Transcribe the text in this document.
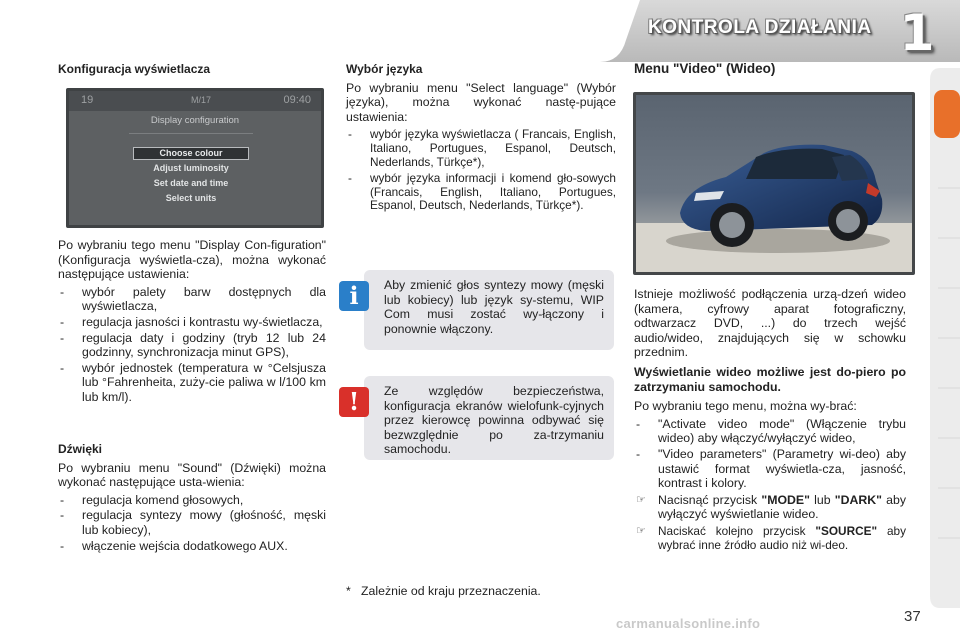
KONTROLA DZIAŁANIA 1

Konfiguracja wyświetlacza

19	M/17	09:40
Display configuration
Choose colour
Adjust luminosity
Set date and time
Select units

Po wybraniu tego menu "Display Con-figuration" (Konfiguracja wyświetla-cza), można wykonać następujące ustawienia:

- wybór palety barw dostępnych dla wyświetlacza,
- regulacja jasności i kontrastu wy-świetlacza,
- regulacja daty i godziny (tryb 12 lub 24 godzinny, synchronizacja minut GPS),
- wybór jednostek (temperatura w °Celsjusza lub °Fahrenheita, zuży-cie paliwa w l/100 km lub km/l).

Dźwięki

Po wybraniu menu "Sound" (Dźwięki) można wykonać następujące usta-wienia:

- regulacja komend głosowych,
- regulacja syntezy mowy (głośność, męski lub kobiecy),
- włączenie wejścia dodatkowego AUX.

Wybór języka

Po wybraniu menu "Select language" (Wybór języka), można wykonać nastę-pujące ustawienia:

- wybór języka wyświetlacza ( Francais, English, Italiano, Portugues, Espanol, Deutsch, Nederlands, Türkçe*),
- wybór języka informacji i komend gło-sowych (Francais, English, Italiano, Portugues, Espanol, Deutsch, Nederlands, Türkçe*).

Aby zmienić głos syntezy mowy (męski lub kobiecy) lub język sy-stemu, WIP Com musi zostać wy-łączony i ponownie włączony.

i

Ze względów bezpieczeństwa, konfiguracja ekranów wielofunk-cyjnych przez kierowcę powinna odbywać się bezwzględnie po za-trzymaniu samochodu.

!
*   Zależnie od kraju przeznaczenia.

Menu "Video" (Wideo)

Istnieje możliwość podłączenia urzą-dzeń wideo (kamera, cyfrowy aparat fotograficzny, odtwarzacz DVD, ...) do trzech wejść audio/wideo, znajdujących się w schowku przednim.

Wyświetlanie wideo możliwe jest do-piero po zatrzymaniu samochodu.

Po wybraniu tego menu, można wy-brać:

- "Activate video mode" (Włączenie trybu wideo) aby włączyć/wyłączyć wideo,
- "Video parameters" (Parametry wi-deo) aby ustawić format wyświetla-cza, jasność, kontrast i kolory.
☞ Nacisnąć przycisk "MODE" lub "DARK" aby wyłączyć wyświetlanie wideo.
☞ Naciskać kolejno przycisk "SOURCE" aby wybrać inne źródło audio niż wi-deo.
37
carmanualsonline.info
